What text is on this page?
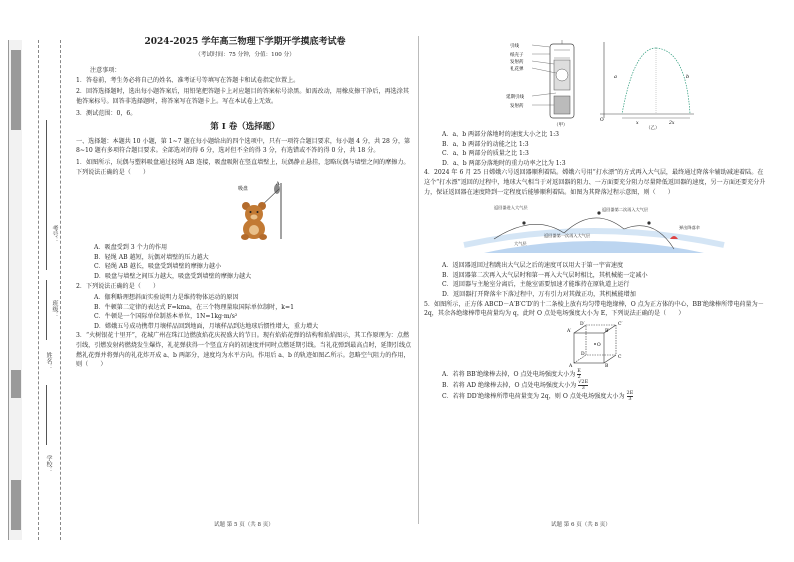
学校：
姓名：
班级：
考号：
2024-2025 学年高三物理下学期开学摸底考试卷
（考试时间：75 分钟，分值：100 分）
注意事项：
1．答卷前，考生务必将自己的姓名、准考证号等填写在答题卡和试卷指定位置上。
2．回答选择题时，选出每小题答案后，用铅笔把答题卡上对应题目的答案标号涂黑。如需改动，用橡皮擦干净后，再选涂其他答案标号。回答非选择题时，将答案写在答题卡上。写在本试卷上无效。
3．测试范围：0，6。
第 I 卷（选择题）
一、选择题：本题共 10 小题，第 1~7 题在每小题给出的四个选项中，只有一项符合题目要求，每小题 4 分，共 28 分，第 8~10 题有多项符合题目要求。全部选对的得 6 分，选对但不全的得 3 分，有选错或不答的得 0 分，共 18 分。
1．如图所示，玩偶与塑料吸盘通过轻绳 AB 连接，吸盘吸附在竖直墙壁上，玩偶静止悬挂，忽略玩偶与墙壁之间的摩擦力。下列说法正确的是（　　）
吸盘
A
A．吸盘受到 3 个力的作用
B．轻绳 AB 越短，玩偶对墙壁的压力越大
C．轻绳 AB 越长，吸盘受到墙壁的摩擦力越小
D．吸盘与墙壁之间压力越大，吸盘受到墙壁的摩擦力越大
2．下列说法正确的是（　　）
A．伽利略理想斜面实验说明力是维持物体运动的原因
B．牛顿第二定律的表达式 F=kma，在三个物理量取国际单位制时，k=1
C．牛顿是一个国际单位制基本单位，1N=1kg·m/s²
D．嫦娥五号成功携带月壤样品回到地面，月壤样品到达地球后惯性增大，重力增大
3．“火树银花十里开”，花城广州在珠江边燃放焰花庆祝盛大的节日。现有焰焰花弹的结构和焰焰图示，其工作原理为：点燃引线，引燃发射药燃烧发生爆炸，礼花弹获得一个竖直方向的初速度并同时点燃延期引线。当礼花弹到最高点时，延期引线点燃礼花弹并将弹内的礼花炸开成 a、b 两部分，速度均为水平方向。作用后 a、b 的轨迹如图乙所示。忽略空气阻力的作用，则（　　）
试题 第 5 页（共 8 页）
引线
纸壳子
发射药
礼花弹
延期引线
发射药
（甲）
a	b
O
x	2x
（乙）
A．a、b 两部分落地时的速度大小之比 1:3
B．a、b 两部分的动能之比 1:3
C．a、b 两部分的质量之比 1:3
D．a、b 两部分落地时的重力功率之比为 1:3
4．2024 年 6 月 25 日嫦娥六号返回器顺利着陆。嫦娥六号用“打水漂”的方式再入大气层，最终通过降落伞辅助减速着陆。在这个“打水漂”返回的过程中，地球大气相当于对返回器的阻力、一方面要充分阻力尽量降低返回器的速度，另一方面还要充分升力，保证返回器在速度降到一定程度后能够顺利着陆。如图为其降落过程示意图，则（　　）
返回器进入大气层
返回器第一次再入大气层
返回器第二次再入大气层
大气层
弹出降落伞
A．返回器返回过程跳出大气层之后的速度可以用大于第一宇宙速度
B．返回器第二次再入大气层时和第一再入大气层时相比，其机械能一定减小
C．返回器与主舱室分离后，主舱室需要加速才能维持在原轨道上运行
D．返回器打开降落伞下落过程中，万有引力对其做正功，其机械能增加
5．如图所示，正方体 ABCD－A′B′C′D′的十二条棱上放有均匀带电绝缘棒，O 点为正方体的中心，BB′绝缘棒所带电荷量为－2q，其余各绝缘棒带电荷量均为 q，此时 O 点处电场强度大小为 E，下列说法正确的是（　　）
A	B
C
D
A′	B′
C′
D′
O
A．若将 BB′绝缘棒去掉，O 点处电场强度大小为 $\frac{E}{2}$
B．若将 AD 绝缘棒去掉，O 点处电场强度大小为 $\frac{√2E}{3}$
C．若将 DD′绝缘棒所带电荷量变为 2q，则 O 点处电场强度大小为 $\frac{2E}{3}$
试题 第 6 页（共 8 页）
